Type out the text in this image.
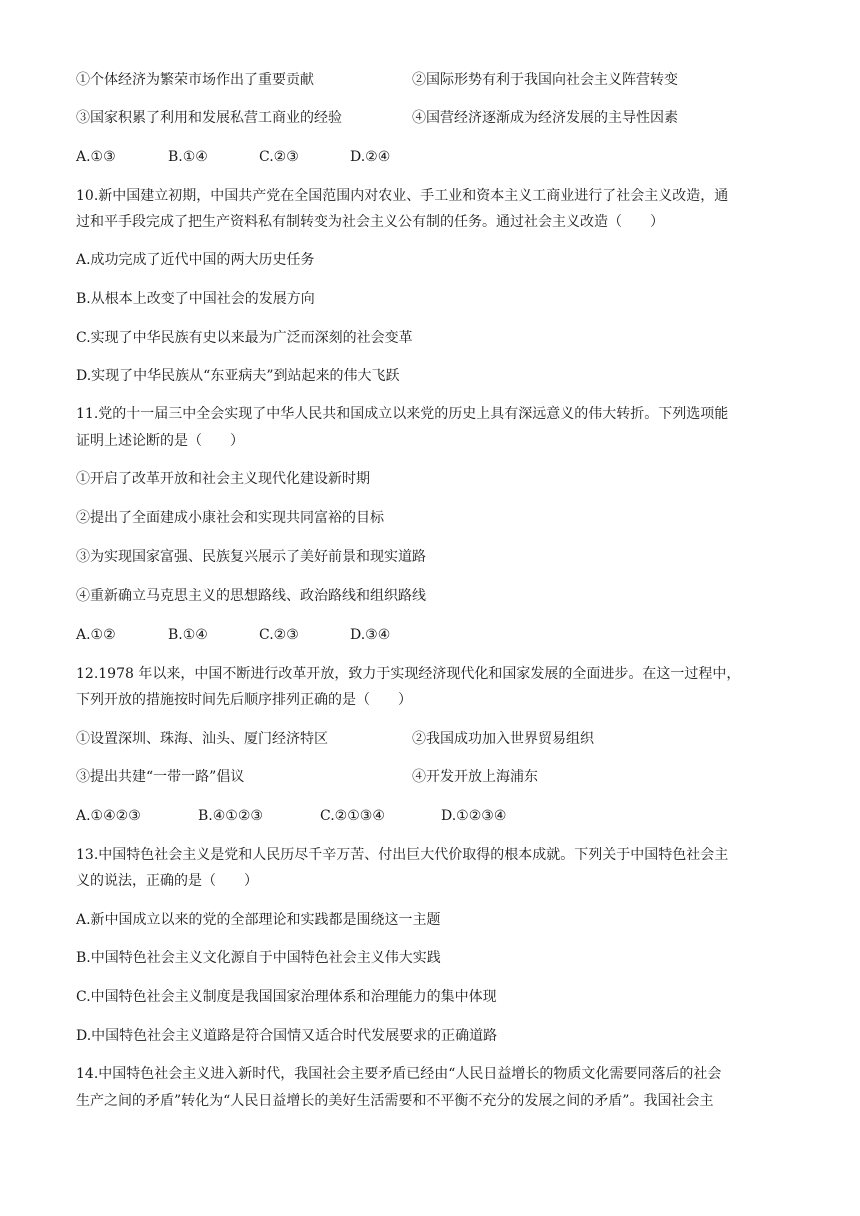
①个体经济为繁荣市场作出了重要贡献	②国际形势有利于我国向社会主义阵营转变
③国家积累了利用和发展私营工商业的经验	④国营经济逐渐成为经济发展的主导性因素
A.①③	B.①④	C.②③	D.②④
10.新中国建立初期，中国共产党在全国范围内对农业、手工业和资本主义工商业进行了社会主义改造，通
过和平手段完成了把生产资料私有制转变为社会主义公有制的任务。通过社会主义改造（　　）
A.成功完成了近代中国的两大历史任务
B.从根本上改变了中国社会的发展方向
C.实现了中华民族有史以来最为广泛而深刻的社会变革
D.实现了中华民族从“东亚病夫”到站起来的伟大飞跃
11.党的十一届三中全会实现了中华人民共和国成立以来党的历史上具有深远意义的伟大转折。下列选项能
证明上述论断的是（　　）
①开启了改革开放和社会主义现代化建设新时期
②提出了全面建成小康社会和实现共同富裕的目标
③为实现国家富强、民族复兴展示了美好前景和现实道路
④重新确立马克思主义的思想路线、政治路线和组织路线
A.①②	B.①④	C.②③	D.③④
12.1978 年以来，中国不断进行改革开放，致力于实现经济现代化和国家发展的全面进步。在这一过程中，
下列开放的措施按时间先后顺序排列正确的是（　　）
①设置深圳、珠海、汕头、厦门经济特区	②我国成功加入世界贸易组织
③提出共建“一带一路”倡议	④开发开放上海浦东
A.①④②③	B.④①②③	C.②①③④	D.①②③④
13.中国特色社会主义是党和人民历尽千辛万苦、付出巨大代价取得的根本成就。下列关于中国特色社会主
义的说法，正确的是（　　）
A.新中国成立以来的党的全部理论和实践都是围绕这一主题
B.中国特色社会主义文化源自于中国特色社会主义伟大实践
C.中国特色社会主义制度是我国国家治理体系和治理能力的集中体现
D.中国特色社会主义道路是符合国情又适合时代发展要求的正确道路
14.中国特色社会主义进入新时代，我国社会主要矛盾已经由“人民日益增长的物质文化需要同落后的社会
生产之间的矛盾”转化为“人民日益增长的美好生活需要和不平衡不充分的发展之间的矛盾”。我国社会主
